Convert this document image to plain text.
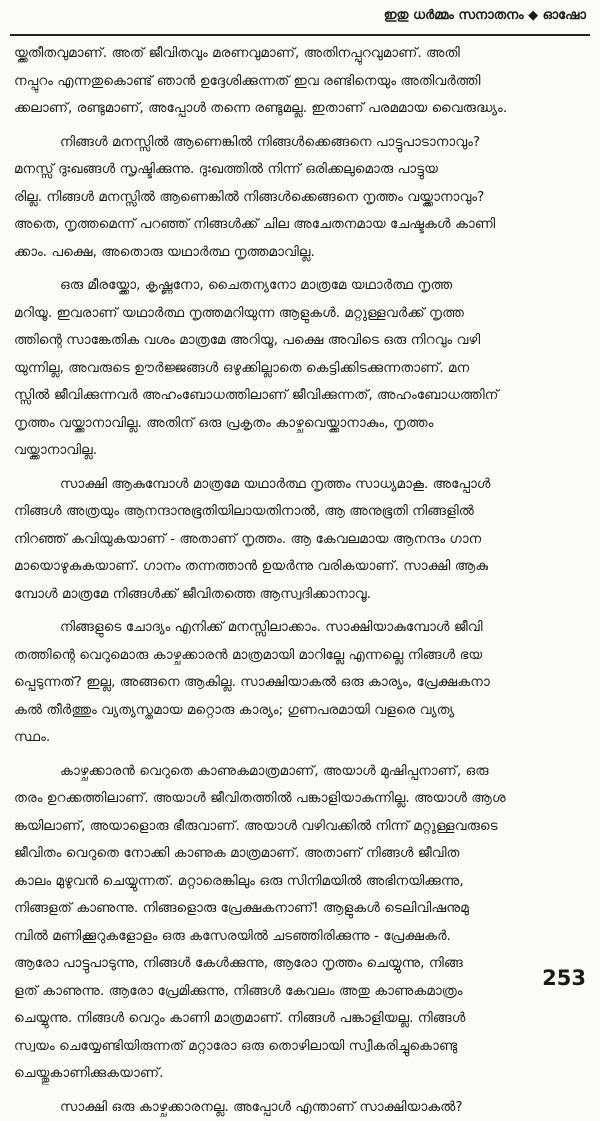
ഇതു ധർമ്മം സനാതനം ◆ ഓഷോ
യ്ക്കതീതവുമാണ്. അത് ജീവിതവും മരണവുമാണ്, അതിനപ്പുറവുമാണ്. അതി
നപ്പുറം എന്നതുകൊണ്ട് ഞാൻ ഉദ്ദേശിക്കുന്നത് ഇവ രണ്ടിനെയും അതിവർത്തി
ക്കലാണ്, രണ്ടുമാണ്, അപ്പോൾ തന്നെ രണ്ടുമല്ല. ഇതാണ് പരമമായ വൈരുദ്ധ്യം.
നിങ്ങൾ മനസ്സിൽ ആണെങ്കിൽ നിങ്ങൾക്കെങ്ങനെ പാട്ടുപാടാനാവും?
മനസ്സ് ദുഃഖങ്ങൾ സൃഷ്ടിക്കുന്നു. ദുഃഖത്തിൽ നിന്ന് ഒരിക്കലുമൊരു പാട്ടുയ
രില്ല. നിങ്ങൾ മനസ്സിൽ ആണെങ്കിൽ നിങ്ങൾക്കെങ്ങനെ നൃത്തം വയ്ക്കാനാവും?
അതെ, നൃത്തമെന്ന് പറഞ്ഞ് നിങ്ങൾക്ക് ചില അചേതനമായ ചേഷ്ടകൾ കാണി
ക്കാം. പക്ഷെ, അതൊരു യഥാർത്ഥ നൃത്തമാവില്ല.
ഒരു മീരയ്ക്കോ, കൃഷ്ണനോ, ചൈതന്യനോ മാത്രമേ യഥാർത്ഥ നൃത്ത
മറിയൂ. ഇവരാണ് യഥാർത്ഥ നൃത്തമറിയുന്ന ആളുകൾ. മറ്റുള്ളവർക്ക് നൃത്ത
ത്തിന്റെ സാങ്കേതിക വശം മാത്രമേ അറിയൂ, പക്ഷെ അവിടെ ഒരു നിറവും വഴി
യുന്നില്ല, അവരുടെ ഊർജ്ജങ്ങൾ ഒഴുക്കില്ലാതെ കെട്ടിക്കിടക്കുന്നതാണ്. മന
സ്സിൽ ജീവിക്കുന്നവർ അഹംബോധത്തിലാണ് ജീവിക്കുന്നത്, അഹംബോധത്തിന്
നൃത്തം വയ്ക്കാനാവില്ല. അതിന് ഒരു പ്രകൃതം കാഴ്ചവെയ്ക്കാനാകും, നൃത്തം
വയ്ക്കാനാവില്ല.
സാക്ഷി ആകുമ്പോൾ മാത്രമേ യഥാർത്ഥ നൃത്തം സാധ്യമാകൂ. അപ്പോൾ
നിങ്ങൾ അത്രയും ആനന്ദാനുഭൂതിയിലായതിനാൽ, ആ അനുഭൂതി നിങ്ങളിൽ
നിറഞ്ഞ് കവിയുകയാണ് - അതാണ് നൃത്തം. ആ കേവലമായ ആനന്ദം ഗാന
മായൊഴുകുകയാണ്. ഗാനം തന്നത്താൻ ഉയർന്നു വരികയാണ്. സാക്ഷി ആകു
മ്പോൾ മാത്രമേ നിങ്ങൾക്ക് ജീവിതത്തെ ആസ്വദിക്കാനാവൂ.
നിങ്ങളുടെ ചോദ്യം എനിക്ക് മനസ്സിലാക്കാം. സാക്ഷിയാകുമ്പോൾ ജീവി
തത്തിന്റെ വെറുമൊരു കാഴ്ചക്കാരൻ മാത്രമായി മാറില്ലേ എന്നല്ലെ നിങ്ങൾ ഭയ
പ്പെടുന്നത്? ഇല്ല, അങ്ങനെ ആകില്ല. സാക്ഷിയാകൽ ഒരു കാര്യം, പ്രേക്ഷകനാ
കൽ തീർത്തും വ്യത്യസ്തമായ മറ്റൊരു കാര്യം; ഗുണപരമായി വളരെ വ്യത്യ
സ്ഥം.
കാഴ്ചക്കാരൻ വെറുതെ കാണുകമാത്രമാണ്, അയാൾ മുഷിപ്പനാണ്, ഒരു
തരം ഉറക്കത്തിലാണ്. അയാൾ ജീവിതത്തിൽ പങ്കാളിയാകുന്നില്ല. അയാൾ ആശ
ങ്കയിലാണ്, അയാളൊരു ഭീരുവാണ്. അയാൾ വഴിവക്കിൽ നിന്ന് മറ്റുള്ളവരുടെ
ജീവിതം വെറുതെ നോക്കി കാണുക മാത്രമാണ്. അതാണ് നിങ്ങൾ ജീവിത
കാലം മുഴുവൻ ചെയ്യുന്നത്. മറ്റാരെങ്കിലും ഒരു സിനിമയിൽ അഭിനയിക്കുന്നു,
നിങ്ങളത് കാണുന്നു. നിങ്ങളൊരു പ്രേക്ഷകനാണ്! ആളുകൾ ടെലിവിഷനുമു
മ്പിൽ മണിക്കൂറുകളോളം ഒരു കസേരയിൽ ചടഞ്ഞിരിക്കുന്നു - പ്രേക്ഷകർ.
ആരോ പാട്ടുപാടുന്നു, നിങ്ങൾ കേൾക്കുന്നു, ആരോ നൃത്തം ചെയ്യുന്നു, നിങ്ങ
ളത് കാണുന്നു. ആരോ പ്രേമിക്കുന്നു, നിങ്ങൾ കേവലം അതു കാണുകമാത്രം
ചെയ്യുന്നു. നിങ്ങൾ വെറും കാണി മാത്രമാണ്. നിങ്ങൾ പങ്കാളിയല്ല. നിങ്ങൾ
സ്വയം ചെയ്യേണ്ടിയിരുന്നത് മറ്റാരോ ഒരു തൊഴിലായി സ്വീകരിച്ചുകൊണ്ടു
ചെയ്തുകാണിക്കുകയാണ്.
സാക്ഷി ഒരു കാഴ്ചക്കാരനല്ല. അപ്പോൾ എന്താണ് സാക്ഷിയാകൽ?
253
